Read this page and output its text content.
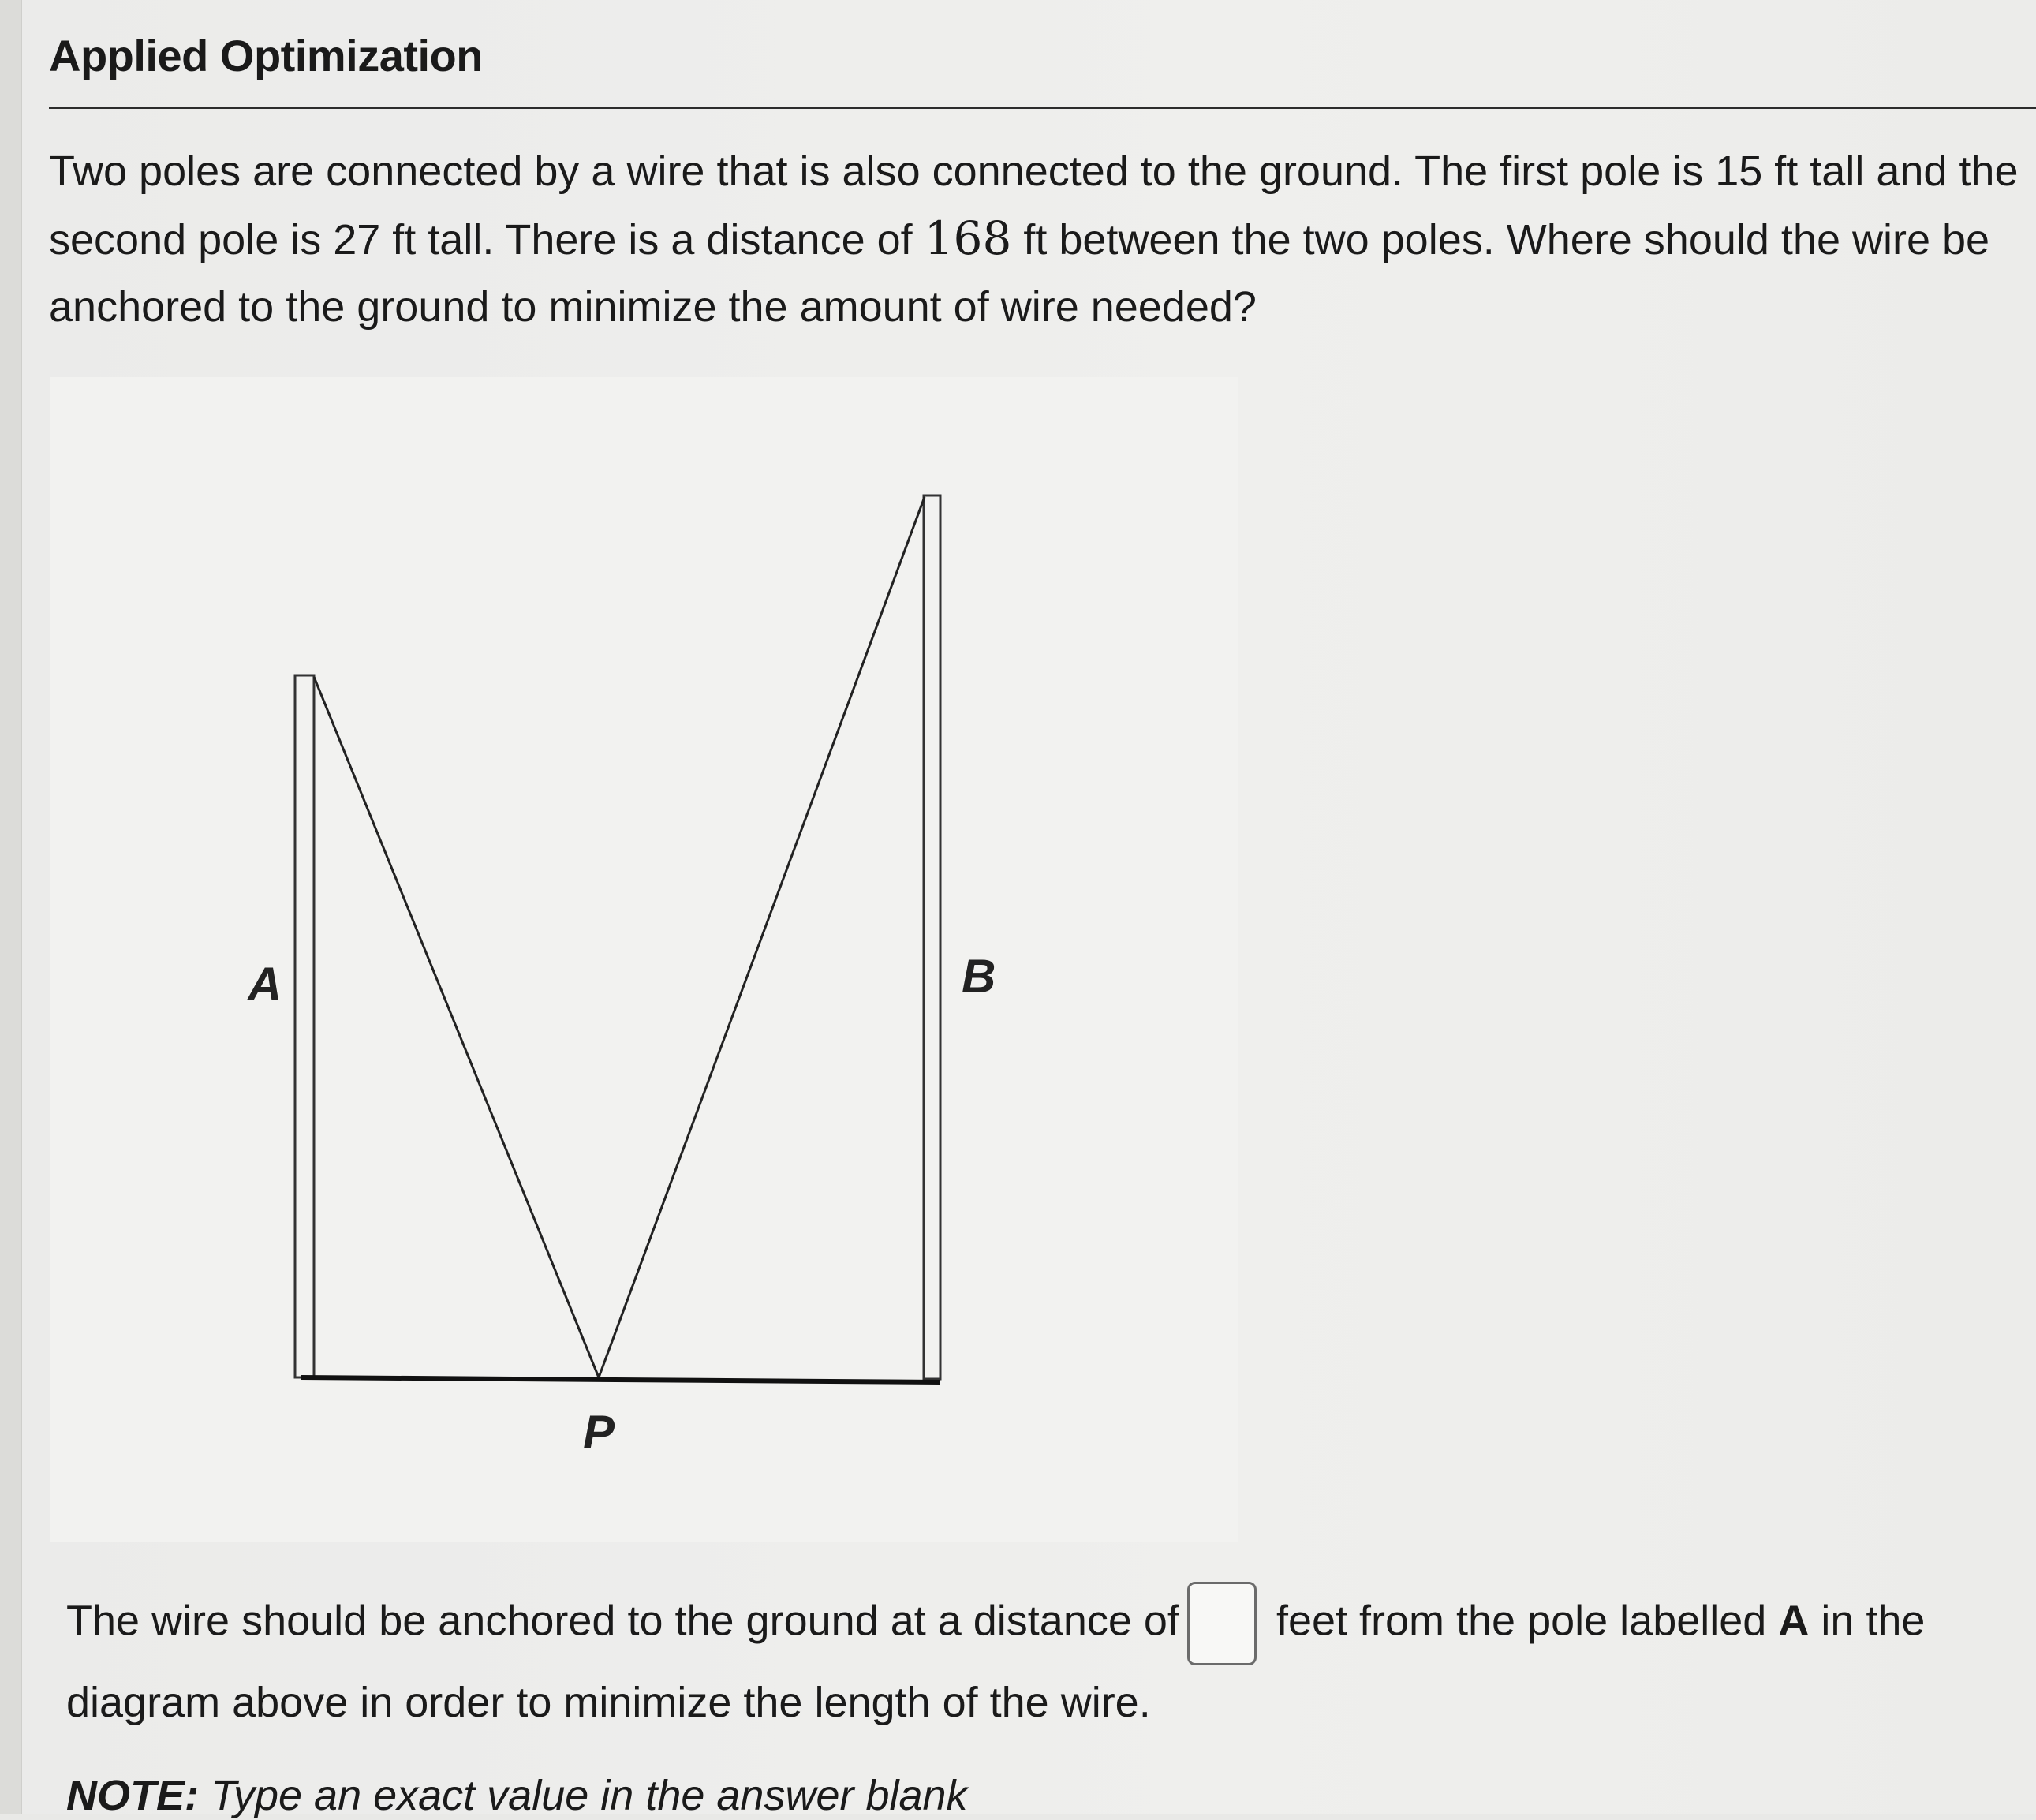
Applied Optimization

Two poles are connected by a wire that is also connected to the ground. The first pole is 15 ft tall and the second pole is 27 ft tall. There is a distance of 168 ft between the two poles. Where should the wire be anchored to the ground to minimize the amount of wire needed?

A	B
P

The wire should be anchored to the ground at a distance of feet from the pole labelled A in the diagram above in order to minimize the length of the wire.

NOTE: Type an exact value in the answer blank
